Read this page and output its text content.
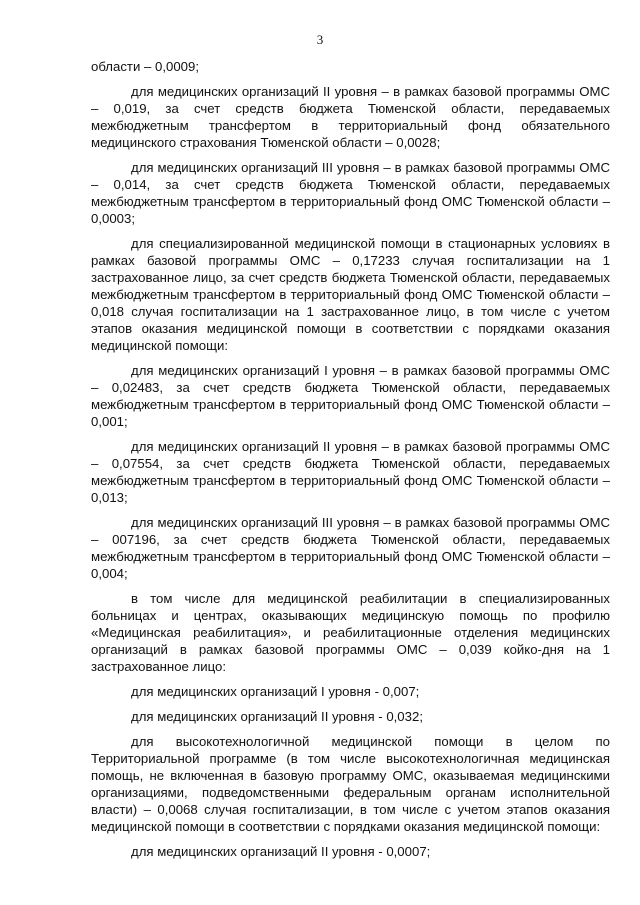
3

области – 0,0009;

для медицинских организаций II уровня – в рамках базовой программы ОМС – 0,019, за счет средств бюджета Тюменской области, передаваемых межбюджетным трансфертом в территориальный фонд обязательного медицинского страхования Тюменской области – 0,0028;

для медицинских организаций III уровня – в рамках базовой программы ОМС – 0,014, за счет средств бюджета Тюменской области, передаваемых межбюджетным трансфертом в территориальный фонд ОМС Тюменской области – 0,0003;

для специализированной медицинской помощи в стационарных условиях в рамках базовой программы ОМС – 0,17233 случая госпитализации на 1 застрахованное лицо, за счет средств бюджета Тюменской области, передаваемых межбюджетным трансфертом в территориальный фонд ОМС Тюменской области – 0,018 случая госпитализации на 1 застрахованное лицо, в том числе с учетом этапов оказания медицинской помощи в соответствии с порядками оказания медицинской помощи:

для медицинских организаций I уровня – в рамках базовой программы ОМС – 0,02483, за счет средств бюджета Тюменской области, передаваемых межбюджетным трансфертом в территориальный фонд ОМС Тюменской области – 0,001;

для медицинских организаций II уровня – в рамках базовой программы ОМС – 0,07554, за счет средств бюджета Тюменской области, передаваемых межбюджетным трансфертом в территориальный фонд ОМС Тюменской области – 0,013;

для медицинских организаций III уровня – в рамках базовой программы ОМС – 007196, за счет средств бюджета Тюменской области, передаваемых межбюджетным трансфертом в территориальный фонд ОМС Тюменской области – 0,004;

в том числе для медицинской реабилитации в специализированных больницах и центрах, оказывающих медицинскую помощь по профилю «Медицинская реабилитация», и реабилитационные отделения медицинских организаций в рамках базовой программы ОМС – 0,039 койко-дня на 1 застрахованное лицо:

для медицинских организаций I уровня - 0,007;

для медицинских организаций II уровня - 0,032;

для высокотехнологичной медицинской помощи в целом по Территориальной программе (в том числе высокотехнологичная медицинская помощь, не включенная в базовую программу ОМС, оказываемая медицинскими организациями, подведомственными федеральным органам исполнительной власти) – 0,0068 случая госпитализации, в том числе с учетом этапов оказания медицинской помощи в соответствии с порядками оказания медицинской помощи:

для медицинских организаций II уровня - 0,0007;
